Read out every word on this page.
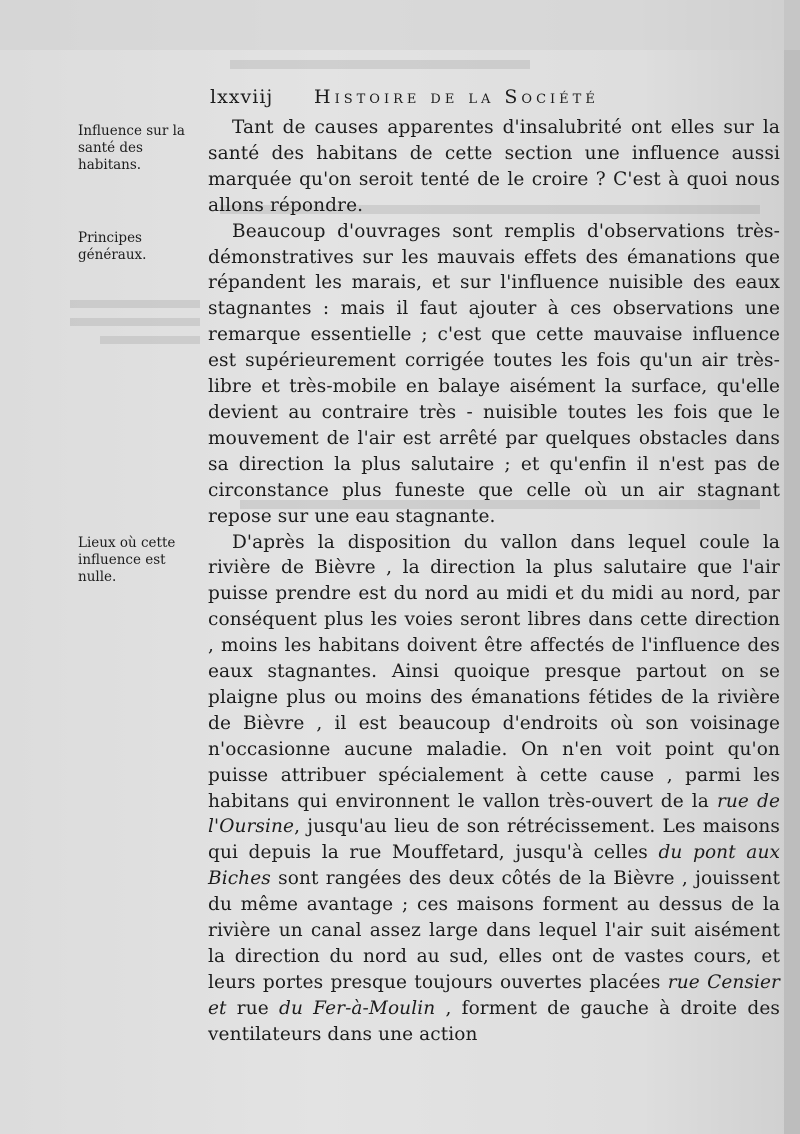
lxxviij Histoire de la Société
Influence sur la santé des habitans.
Principes généraux.
Lieux où cette influence est nulle.

Tant de causes apparentes d'insalubrité ont elles sur la santé des habitans de cette section une influence aussi marquée qu'on seroit tenté de le croire ? C'est à quoi nous allons répondre.

Beaucoup d'ouvrages sont remplis d'observations très-démonstratives sur les mauvais effets des émanations que répandent les marais, et sur l'influence nuisible des eaux stagnantes : mais il faut ajouter à ces observations une remarque essentielle ; c'est que cette mauvaise influence est supérieurement corrigée toutes les fois qu'un air très-libre et très-mobile en balaye aisément la surface, qu'elle devient au contraire très - nuisible toutes les fois que le mouvement de l'air est arrêté par quelques obstacles dans sa direction la plus salutaire ; et qu'enfin il n'est pas de circonstance plus funeste que celle où un air stagnant repose sur une eau stagnante.

D'après la disposition du vallon dans lequel coule la rivière de Bièvre , la direction la plus salutaire que l'air puisse prendre est du nord au midi et du midi au nord, par conséquent plus les voies seront libres dans cette direction , moins les habitans doivent être affectés de l'influence des eaux stagnantes. Ainsi quoique presque partout on se plaigne plus ou moins des émanations fétides de la rivière de Bièvre , il est beaucoup d'endroits où son voisinage n'occasionne aucune maladie. On n'en voit point qu'on puisse attribuer spécialement à cette cause , parmi les habitans qui environnent le vallon très-ouvert de la rue de l'Oursine, jusqu'au lieu de son rétrécissement. Les maisons qui depuis la rue Mouffetard, jusqu'à celles du pont aux Biches sont rangées des deux côtés de la Bièvre , jouissent du même avantage ; ces maisons forment au dessus de la rivière un canal assez large dans lequel l'air suit aisément la direction du nord au sud, elles ont de vastes cours, et leurs portes presque toujours ouvertes placées rue Censier et rue du Fer-à-Moulin , forment de gauche à droite des ventilateurs dans une action
